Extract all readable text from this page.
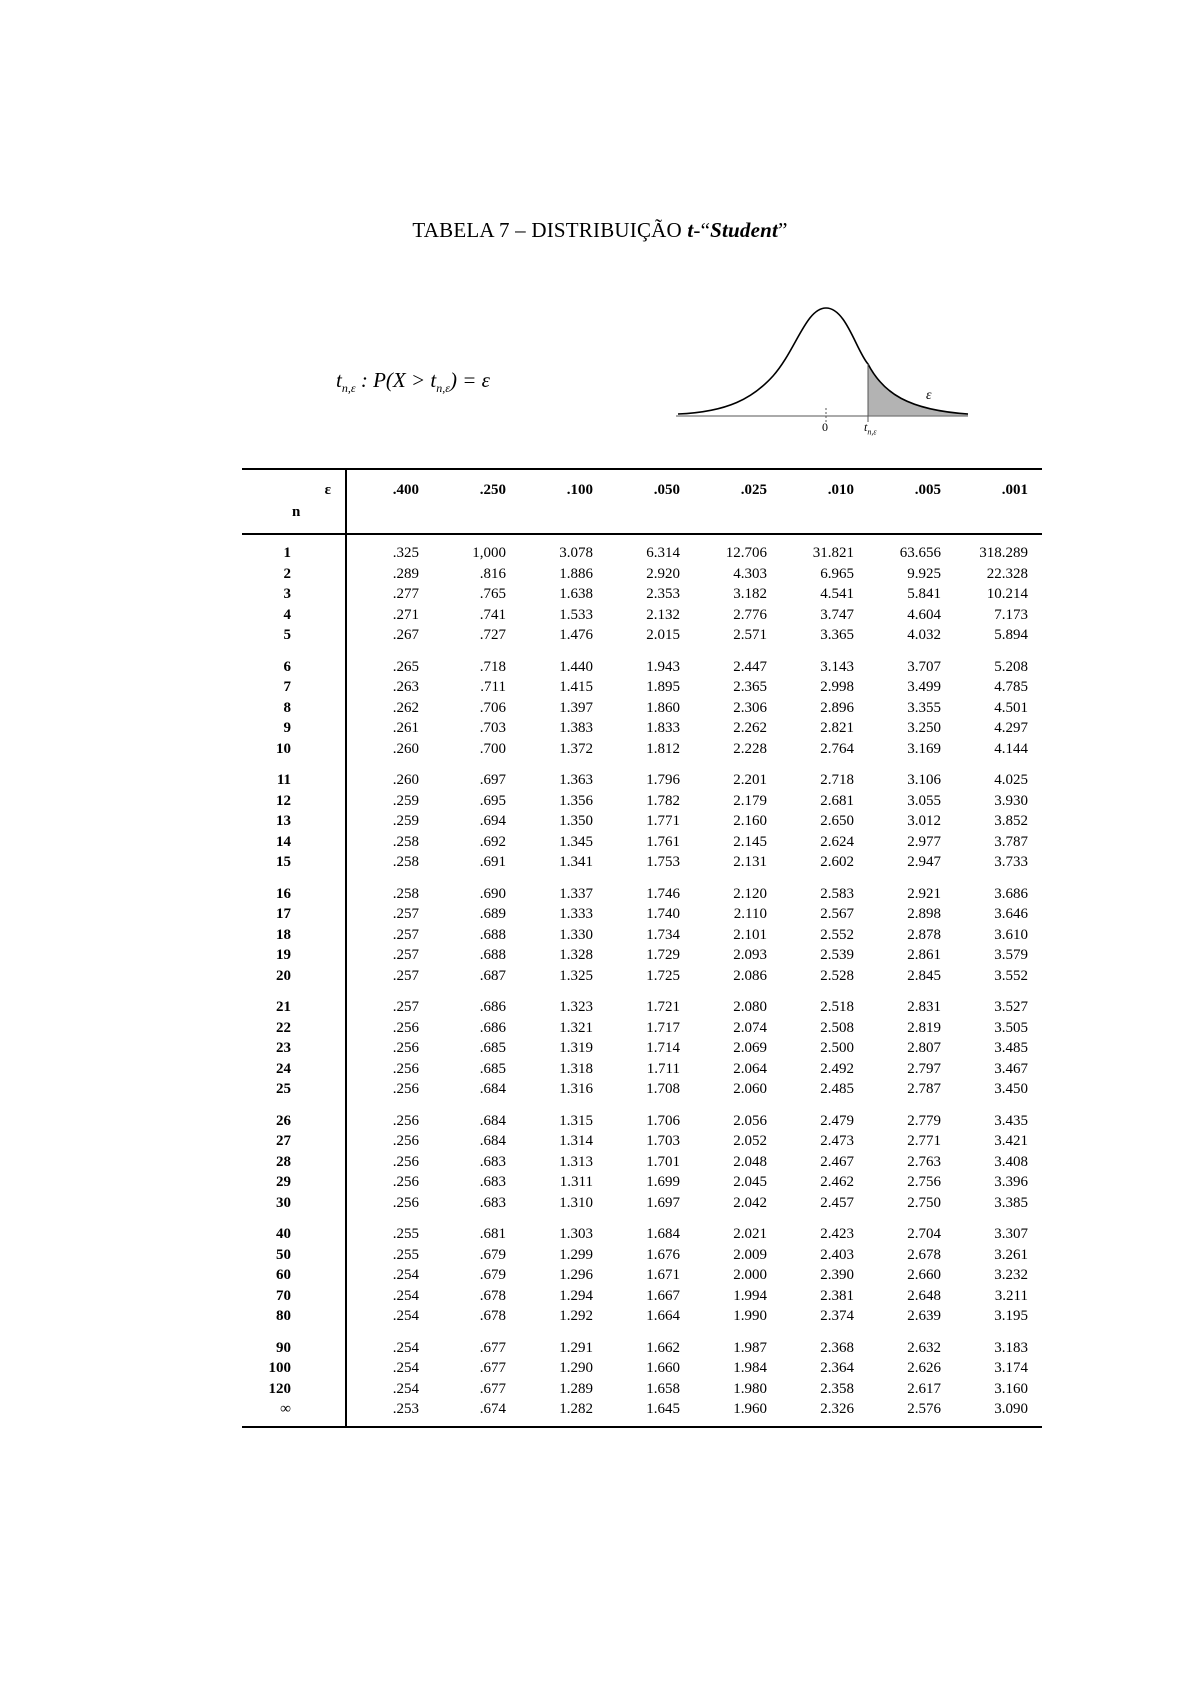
TABELA 7 – DISTRIBUIÇÃO t-“Student”
$t_{n,\varepsilon}$ : $P(X > t_{n,\varepsilon}) = \varepsilon$
ε
0	$t_{n,\varepsilon}$
ε
n	.400	.250	.100	.050	.025	.010	.005	.001
1	.325	1,000	3.078	6.314	12.706	31.821	63.656	318.289
2	.289	.816	1.886	2.920	4.303	6.965	9.925	22.328
3	.277	.765	1.638	2.353	3.182	4.541	5.841	10.214
4	.271	.741	1.533	2.132	2.776	3.747	4.604	7.173
5	.267	.727	1.476	2.015	2.571	3.365	4.032	5.894
6	.265	.718	1.440	1.943	2.447	3.143	3.707	5.208
7	.263	.711	1.415	1.895	2.365	2.998	3.499	4.785
8	.262	.706	1.397	1.860	2.306	2.896	3.355	4.501
9	.261	.703	1.383	1.833	2.262	2.821	3.250	4.297
10	.260	.700	1.372	1.812	2.228	2.764	3.169	4.144
11	.260	.697	1.363	1.796	2.201	2.718	3.106	4.025
12	.259	.695	1.356	1.782	2.179	2.681	3.055	3.930
13	.259	.694	1.350	1.771	2.160	2.650	3.012	3.852
14	.258	.692	1.345	1.761	2.145	2.624	2.977	3.787
15	.258	.691	1.341	1.753	2.131	2.602	2.947	3.733
16	.258	.690	1.337	1.746	2.120	2.583	2.921	3.686
17	.257	.689	1.333	1.740	2.110	2.567	2.898	3.646
18	.257	.688	1.330	1.734	2.101	2.552	2.878	3.610
19	.257	.688	1.328	1.729	2.093	2.539	2.861	3.579
20	.257	.687	1.325	1.725	2.086	2.528	2.845	3.552
21	.257	.686	1.323	1.721	2.080	2.518	2.831	3.527
22	.256	.686	1.321	1.717	2.074	2.508	2.819	3.505
23	.256	.685	1.319	1.714	2.069	2.500	2.807	3.485
24	.256	.685	1.318	1.711	2.064	2.492	2.797	3.467
25	.256	.684	1.316	1.708	2.060	2.485	2.787	3.450
26	.256	.684	1.315	1.706	2.056	2.479	2.779	3.435
27	.256	.684	1.314	1.703	2.052	2.473	2.771	3.421
28	.256	.683	1.313	1.701	2.048	2.467	2.763	3.408
29	.256	.683	1.311	1.699	2.045	2.462	2.756	3.396
30	.256	.683	1.310	1.697	2.042	2.457	2.750	3.385
40	.255	.681	1.303	1.684	2.021	2.423	2.704	3.307
50	.255	.679	1.299	1.676	2.009	2.403	2.678	3.261
60	.254	.679	1.296	1.671	2.000	2.390	2.660	3.232
70	.254	.678	1.294	1.667	1.994	2.381	2.648	3.211
80	.254	.678	1.292	1.664	1.990	2.374	2.639	3.195
90	.254	.677	1.291	1.662	1.987	2.368	2.632	3.183
100	.254	.677	1.290	1.660	1.984	2.364	2.626	3.174
120	.254	.677	1.289	1.658	1.980	2.358	2.617	3.160
∞	.253	.674	1.282	1.645	1.960	2.326	2.576	3.090
